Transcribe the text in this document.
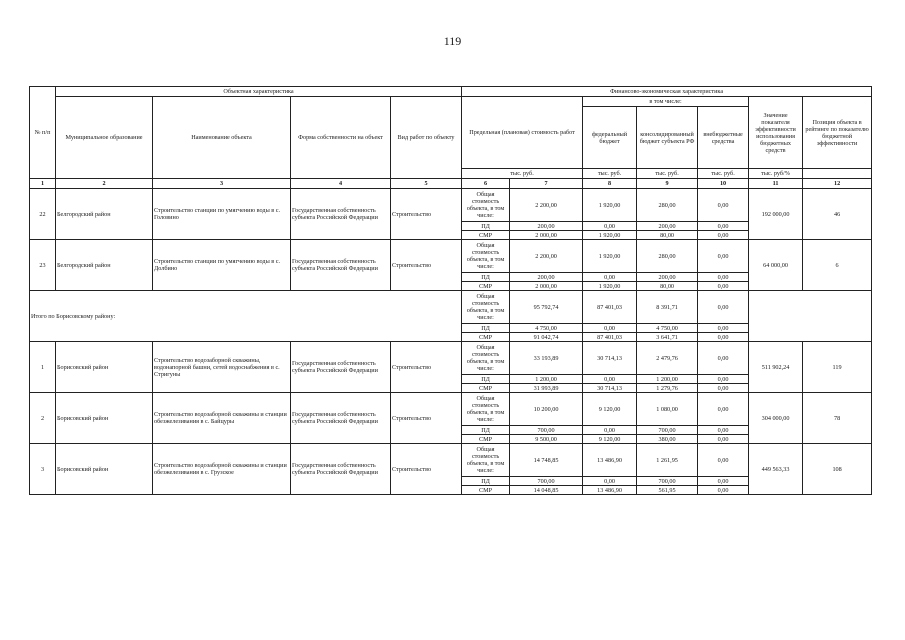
119
№ п/п	Объектная характеристика				Финансово-экономическая характеристика						
	Муниципальное образование	Наименование объекта	Форма собственности на объект	Вид работ по объекту	Предельная (плановая) стоимость работ		в том числе:			Значение показателя эффективности использования бюджетных средств	Позиция объекта в рейтинге по показателю бюджетной эффективности
							федеральный бюджет	консолидированный бюджет субъекта РФ	внебюджетные средства		
					тыс. руб.		тыс. руб.	тыс. руб.	тыс. руб.	тыс. руб/%	
1	2	3	4	5	6	7	8	9	10	11	12
22	Белгородский район	Строительство станции по умягчению воды в с. Головино	Государственная собственность субъекта Российской Федерации	Строительство	Общая стоимость объекта, в том числе:	2 200,00	1 920,00	280,00	0,00	192 000,00	46
					ПД	200,00	0,00	200,00	0,00		
					СМР	2 000,00	1 920,00	80,00	0,00		
23	Белгородский район	Строительство станции по умягчению воды в с. Долбино	Государственная собственность субъекта Российской Федерации	Строительство	Общая стоимость объекта, в том числе:	2 200,00	1 920,00	280,00	0,00	64 000,00	6
					ПД	200,00	0,00	200,00	0,00		
					СМР	2 000,00	1 920,00	80,00	0,00		
Итого по Борисовскому району:					Общая стоимость объекта, в том числе:	95 792,74	87 401,03	8 391,71	0,00		
					ПД	4 750,00	0,00	4 750,00	0,00		
					СМР	91 042,74	87 401,03	3 641,71	0,00		
1	Борисовский район	Строительство водозаборной скважины, водонапорной башни, сетей водоснабжения в с. Стригуны	Государственная собственность субъекта Российской Федерации	Строительство	Общая стоимость объекта, в том числе:	33 193,89	30 714,13	2 479,76	0,00	511 902,24	119
					ПД	1 200,00	0,00	1 200,00	0,00		
					СМР	31 993,89	30 714,13	1 279,76	0,00		
2	Борисовский район	Строительство водозаборной скважины и станции обезжелезивания в с. Байцуры	Государственная собственность субъекта Российской Федерации	Строительство	Общая стоимость объекта, в том числе:	10 200,00	9 120,00	1 080,00	0,00	304 000,00	78
					ПД	700,00	0,00	700,00	0,00		
					СМР	9 500,00	9 120,00	380,00	0,00		
3	Борисовский район	Строительство водозаборной скважины и станции обезжелезивания в с. Грузское	Государственная собственность субъекта Российской Федерации	Строительство	Общая стоимость объекта, в том числе:	14 748,85	13 486,90	1 261,95	0,00	449 563,33	108
					ПД	700,00	0,00	700,00	0,00		
					СМР	14 048,85	13 486,90	561,95	0,00		
